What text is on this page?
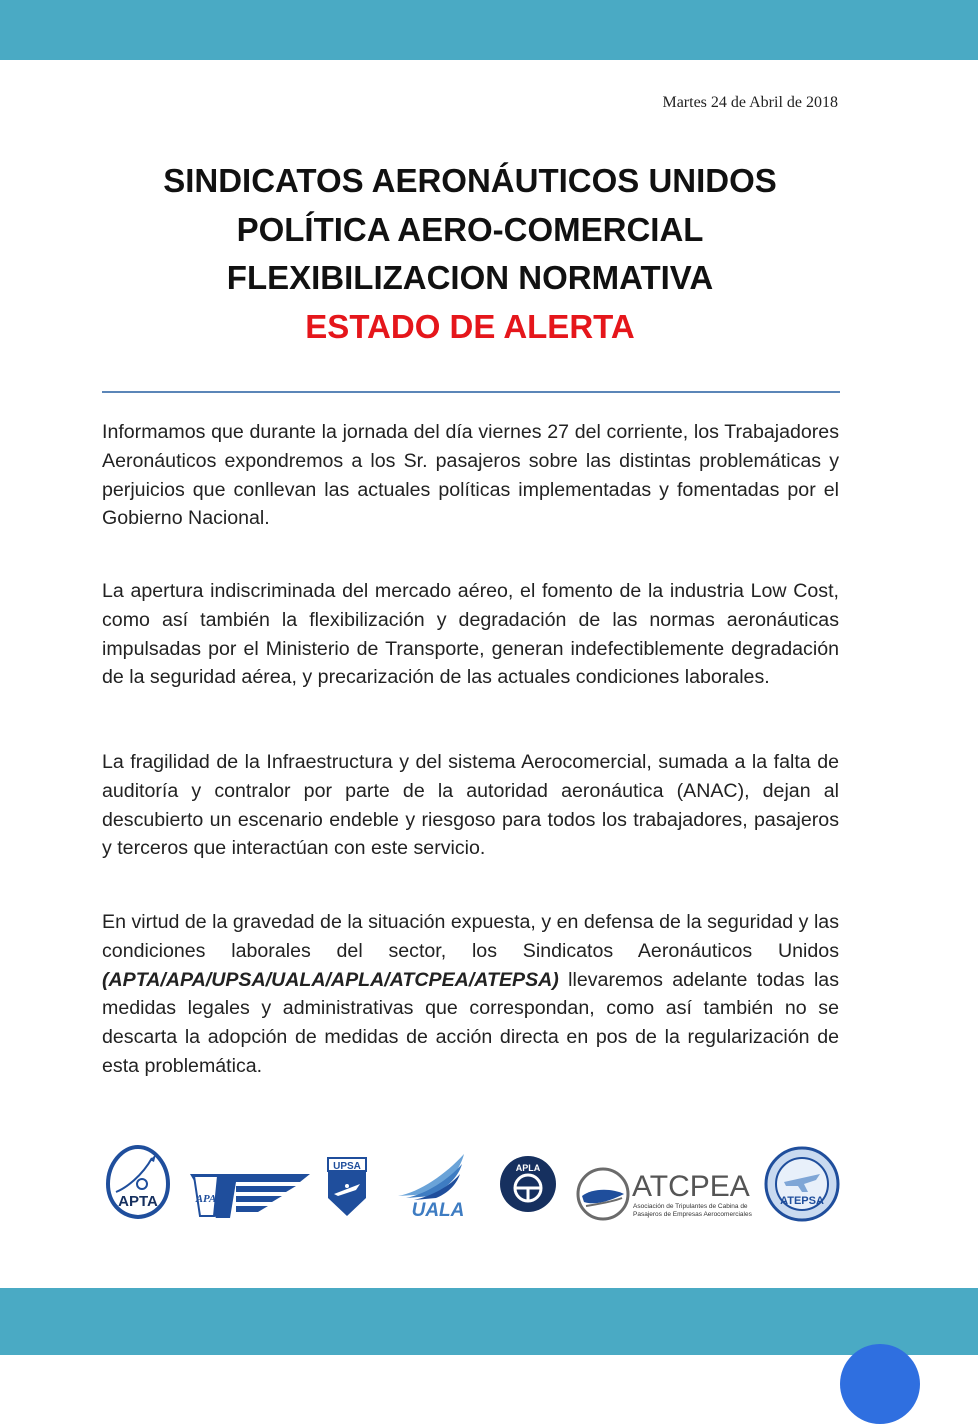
Martes 24 de Abril de 2018
SINDICATOS AERONÁUTICOS UNIDOS
POLÍTICA AERO-COMERCIAL
FLEXIBILIZACION NORMATIVA
ESTADO DE ALERTA

Informamos que durante la jornada del día viernes 27 del corriente, los Trabajadores Aeronáuticos expondremos a los Sr. pasajeros sobre las distintas problemáticas y perjuicios que conllevan las actuales políticas implementadas y fomentadas por el Gobierno Nacional.

La apertura indiscriminada del mercado aéreo, el fomento de la industria Low Cost, como así también la flexibilización y degradación de las normas aeronáuticas impulsadas por el Ministerio de Transporte, generan indefectiblemente degradación de la seguridad aérea, y precarización de las actuales condiciones laborales.

La fragilidad de la Infraestructura y del sistema Aerocomercial, sumada a la falta de auditoría y contralor por parte de la autoridad aeronáutica (ANAC), dejan al descubierto un escenario endeble y riesgoso para todos los trabajadores, pasajeros y terceros que interactúan con este servicio.

En virtud de la gravedad de la situación expuesta, y en defensa de la seguridad y las condiciones laborales del sector, los Sindicatos Aeronáuticos Unidos (APTA/APA/UPSA/UALA/APLA/ATCPEA/ATEPSA) llevaremos adelante todas las medidas legales y administrativas que correspondan, como así también no se descarta la adopción de medidas de acción directa en pos de la regularización de esta problemática.

APTA	APA
UPSA
UALA
APLA
ATCPEA
Asociación de Tripulantes de Cabina de
Pasajeros de Empresas Aerocomerciales
ATEPSA
